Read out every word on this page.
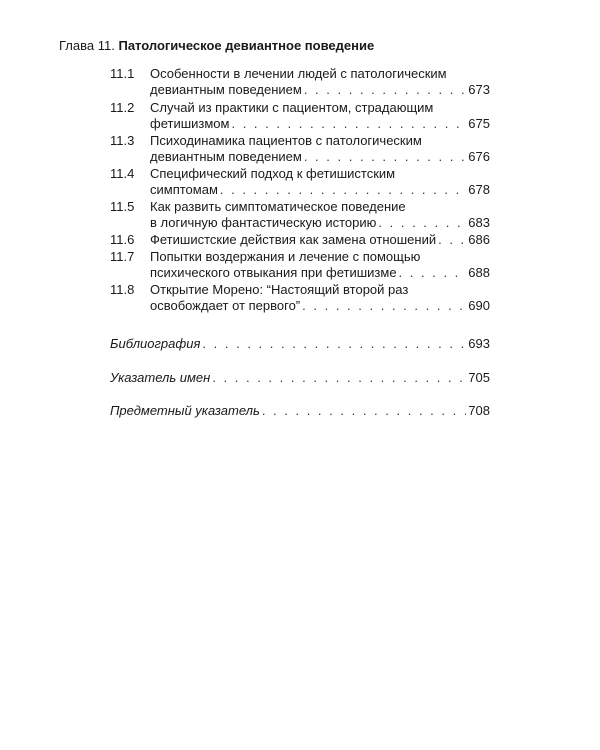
Глава 11. Патологическое девиантное поведение
11.1	Особенности в лечении людей с патологическим
девиантным поведением . . .	673
11.2	Случай из практики с пациентом, страдающим
фетишизмом . . .	675
11.3	Психодинамика пациентов с патологическим
девиантным поведением . . .	676
11.4	Специфический подход к фетишистским
симптомам . . .	678
11.5	Как развить симптоматическое поведение
в логичную фантастическую историю . . .	683
11.6	Фетишистские действия как замена отношений . . . 686
11.7	Попытки воздержания и лечение с помощью
психического отвыкания при фетишизме . . .	688
11.8	Открытие Морено: “Настоящий второй раз
освобождает от первого” . . .	690
Библиография . . .	693
Указатель имен . . .	705
Предметный указатель . . .	708
